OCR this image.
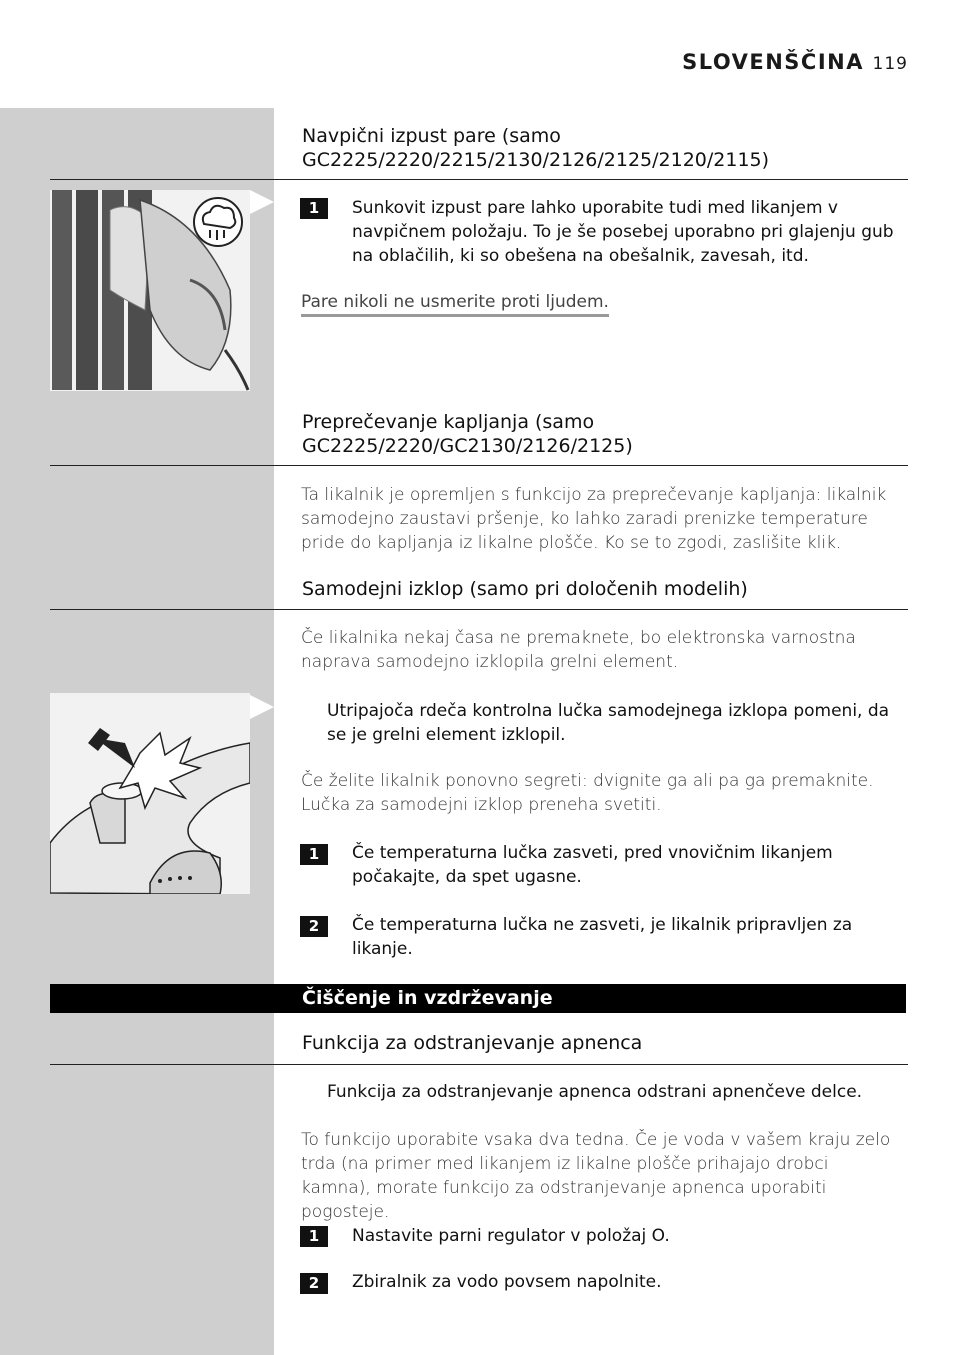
SLOVENŠČINA 119
Navpični izpust pare (samo GC2225/2220/2215/2130/2126/2125/2120/2115)
1	Sunkovit izpust pare lahko uporabite tudi med likanjem v navpičnem položaju. To je še posebej uporabno pri glajenju gub na oblačilih, ki so obešena na obešalnik, zavesah, itd.
Pare nikoli ne usmerite proti ljudem.
Preprečevanje kapljanja (samo GC2225/2220/GC2130/2126/2125)
Ta likalnik je opremljen s funkcijo za preprečevanje kapljanja: likalnik samodejno zaustavi pršenje, ko lahko zaradi prenizke temperature pride do kapljanja iz likalne plošče. Ko se to zgodi, zaslišite klik.
Samodejni izklop (samo pri določenih modelih)
Če likalnika nekaj časa ne premaknete, bo elektronska varnostna naprava samodejno izklopila grelni element.
Utripajoča rdeča kontrolna lučka samodejnega izklopa pomeni, da se je grelni element izklopil.
Če želite likalnik ponovno segreti: dvignite ga ali pa ga premaknite. Lučka za samodejni izklop preneha svetiti.
1	Če temperaturna lučka zasveti, pred vnovičnim likanjem počakajte, da spet ugasne.
2	Če temperaturna lučka ne zasveti, je likalnik pripravljen za likanje.
Čiščenje in vzdrževanje
Funkcija za odstranjevanje apnenca
Funkcija za odstranjevanje apnenca odstrani apnenčeve delce.
To funkcijo uporabite vsaka dva tedna. Če je voda v vašem kraju zelo trda (na primer med likanjem iz likalne plošče prihajajo drobci kamna), morate funkcijo za odstranjevanje apnenca uporabiti pogosteje.
1	Nastavite parni regulator v položaj O.
2	Zbiralnik za vodo povsem napolnite.
